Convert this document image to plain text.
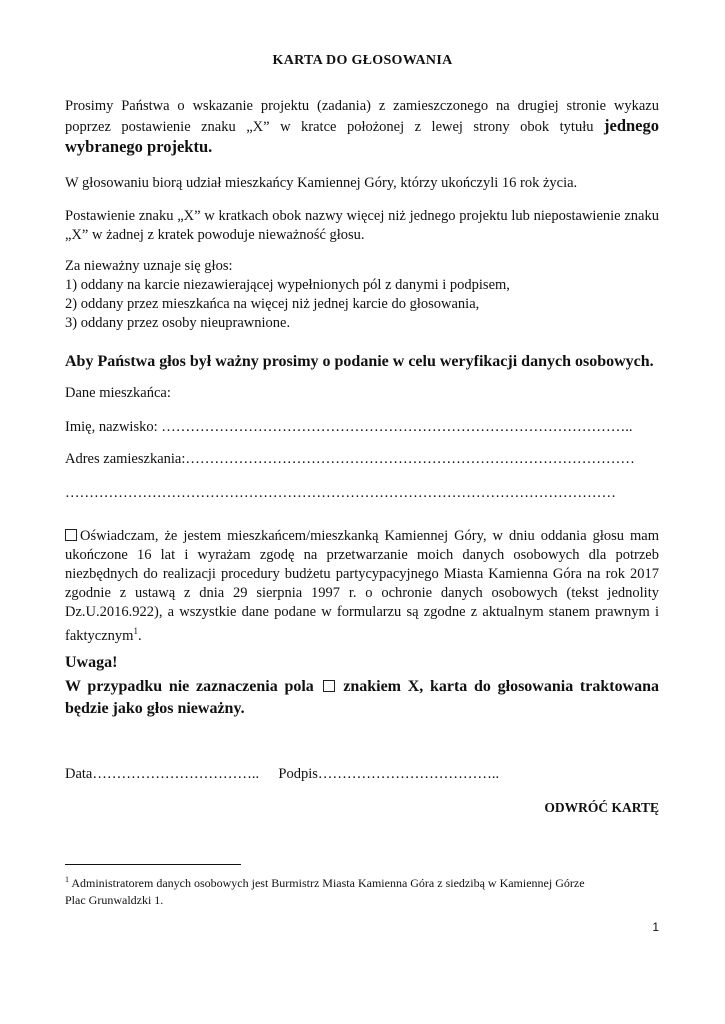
KARTA DO GŁOSOWANIA
Prosimy Państwa o wskazanie projektu (zadania) z zamieszczonego na drugiej stronie wykazu
poprzez postawienie znaku „X” w kratce położonej z lewej strony obok tytułu jednego
wybranego projektu.
W głosowaniu biorą udział mieszkańcy Kamiennej Góry, którzy ukończyli 16 rok życia.
Postawienie znaku „X” w kratkach obok nazwy więcej niż jednego projektu lub niepostawienie znaku „X” w żadnej z kratek powoduje nieważność głosu.
Za nieważny uznaje się głos:
1) oddany na karcie niezawierającej wypełnionych pól z danymi i podpisem,
2) oddany przez mieszkańca na więcej niż jednej karcie do głosowania,
3) oddany przez osoby nieuprawnione.
Aby Państwa głos był ważny prosimy o podanie w celu weryfikacji danych osobowych.
Dane mieszkańca:
Imię, nazwisko: ……………………………………………………………………………………..
Adres zamieszkania:…………………………………………………………………………………
……………………………………………………………………………………………………
Oświadczam, że jestem mieszkańcem/mieszkanką Kamiennej Góry, w dniu oddania głosu mam ukończone 16 lat i wyrażam zgodę na przetwarzanie moich danych osobowych dla potrzeb niezbędnych do realizacji procedury budżetu partycypacyjnego Miasta Kamienna Góra na rok 2017 zgodnie z ustawą z dnia 29 sierpnia 1997 r. o ochronie danych osobowych (tekst jednolity Dz.U.2016.922), a wszystkie dane podane w formularzu są zgodne z aktualnym stanem prawnym i faktycznym$^1$.
Uwaga!
W przypadku nie zaznaczenia pola znakiem X, karta do głosowania traktowana będzie jako głos nieważny.
Data…………………………….. Podpis………………………………..
ODWRÓĆ KARTĘ
$^1$ Administratorem danych osobowych jest Burmistrz Miasta Kamienna Góra z siedzibą w Kamiennej Górze
Plac Grunwaldzki 1.
1
